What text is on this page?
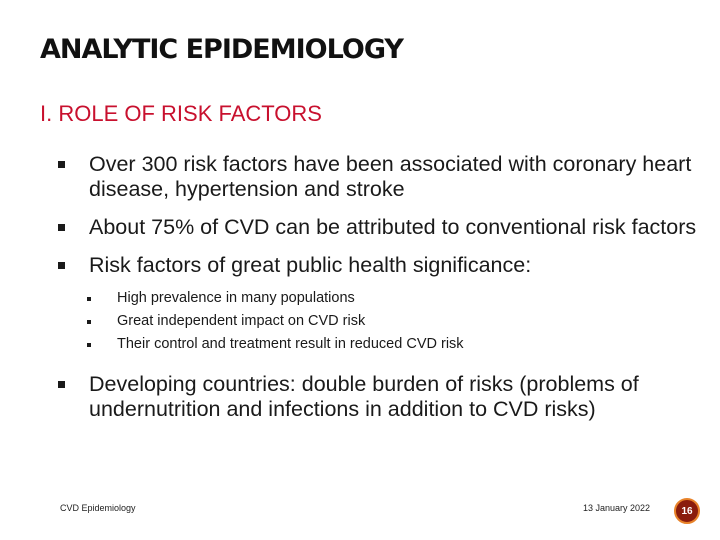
ANALYTIC EPIDEMIOLOGY
I. ROLE OF RISK FACTORS
Over 300 risk factors have been associated with coronary heart disease, hypertension and stroke
About 75% of CVD can be attributed to conventional risk factors
Risk factors of great public health significance:
High prevalence in many populations
Great independent impact on CVD risk
Their control and treatment result in reduced CVD risk
Developing countries: double burden of risks (problems of undernutrition and infections in addition to CVD risks)
CVD Epidemiology	13 January 2022	16
